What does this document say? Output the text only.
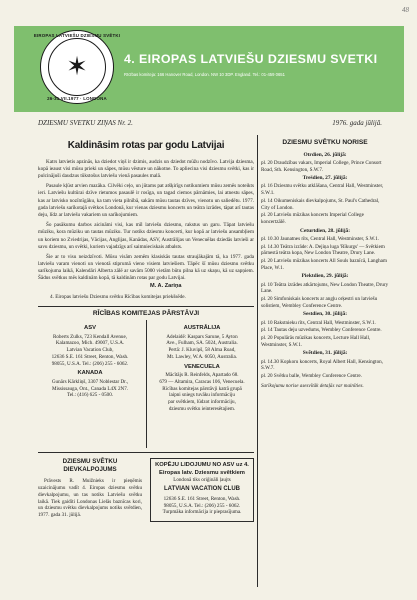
48
EIROPAS LATVIEŠU DZIESMU SVĒTKI
✶
26-31.VII.1977 · LONDONA
4. EIROPAS LATVIEŠU DZIESMU SVETKI
Rīcības komiteja: 166 Hanover Road, London. NW 10 3DP. England. Tel.: 01-459 0651
DZIESMU SVETKU ZIŅAS Nr. 2.	1976. gada jūlijā.
Kaldināsim rotas par godu Latvijai

Katrs latvietis apzinās, ka dziedot viņš ir dzimis, audzis un dziedot mūžu nodzīvo. Latvija dziesma, kopā ieaust visi mūsu prieki un sāpes, mūsu vēsture un nākotne. To apliecina visi dziesmu svētki, kas ir pulcinājuši daudzus tūkstošus latviešu vienā pasaules malā.

Pasaule kļūst arvien mazāka. Cilvēki ceļo, un jūtams pat atšķirīgs notikumiem mūsu zemēs noteikts ieri. Latviešu kultūrai dzīve rietumos pasaulē ir rosīga, un tagad ciemos pārnāmies, lai atnestu sāpes, kas ar latvisko nozīmīgāku, ka tam vieta pilnībā, sakām mūsu tautas dzīves, vienotu un saliedētu. 1977. gada latviešu sarīkotajā svētkos Londonā, kur vienas dziesmu koncerts un teātra izrādes, tāpat arī tautas deju, līdz ar latviešu vakariem un sarīkojumiem.

Šo pasākumu darbos aicināmi visi, kas mīl latviešu dziesmu, rakstus un garu. Tāpat latviešu mūziku, kora mūziku un tautas mūziku. Tur notiks dziesmu koncerti, kur kopā ar latviešu ansambļiem un koriem no Zviedrijas, Vācijas, Anglijas, Kanādas, ASV, Austrālijas un Venecuēlas dziedās latvieši ar savu dziesmu, un svētki, kuriem vajadzīgs arī saimnieciskais atbalsts.

Šie ar to visu neizdzīvoti. Mūsu visām zemēm klasiskās tautas straujākajām tā, ka 1977. gada latviešu varam vienoti un vienotā stiprumā vieno visiem latviešiem. Tāpēc šī mūsu dziesmu svētku sarīkojuma laikā, Kalendāri Alberta zālē ar savām 5000 vietām būtu pilna kā uz skaņu, kā uz sapņiem. Šādus svētkus mēs kaldinām kopā, tā kaldinām rotas par godu Latvijai.

M. A. Zariņa
4. Eiropas latviešu Dziesmu svētku Rīcības komitejas priekšsēde.
DZIESMU SVĒTKU NORISE
Otrdien, 26. jūlijā:
pl. 20 Draudzības vakars, Imperial College, Prince Consort Road, Sth. Kensington, S.W.7.
Trešdien, 27. jūlijā:
pl. 16 Dziesmu svētku atklāšana, Central Hall, Westminster, S.W.1.
pl. 14 Oikumeniskais dievkalpojums, St. Paul's Cathedral, City of London.
pl. 20 Latviešu mūzikas koncerts Imperial College koncertzālē.
Ceturtdien, 28. jūlijā:
pl. 10.30 Jaunatnes rīts, Central Hall, Westminster, S.W.1.
pl. 14.30 Teātra izrāde: A. Dejiņa luga 'Rīkurgs' — Svētkiem pārnestā teātra kopa, New London Theatre, Drury Lane.
pl. 20 Latviešu mūzikas koncerts All Souls baznīcā, Langham Place, W.1.
Piektdien, 29. jūlijā:
pl. 10 Teātra izrādes atkārtojums, New London Theatre, Drury Lane.
pl. 20 Simfoniskais koncerts ar angļu orķestri un latviešu solistiem, Wembley Conference Centre.
Sestdien, 30. jūlijā:
pl. 10 Rakstnieku rīts, Central Hall, Westminster, S.W.1.
pl. 14 Tautas deju uzvedums, Wembley Conference Centre.
pl. 20 Populārās mūzikas koncerts, Lecture Hall Hall, Westminster, S.W.1.
Svētdien, 31. jūlijā:
pl. 14.30 Kopkoru koncerts, Royal Albert Hall, Kensington, S.W.7.
pl. 20 Svētku balle, Wembley Conference Centre.
Sarīkojumu norise asesvītāk detaļās var mainīties.
RĪCĪBAS KOMITEJAS PĀRSTĀVJI
ASV
Roberts Zulks, 723 Kendall Avenue,
Kalamazoo, Mich. 49007, U.S.A.
Latvian Vacation Club,
12636 S.E. 161 Street, Renton, Wash.
98055, U.S.A. Tel.: (206) 255 - 6062.
KANADA
Gunārs Kārkliņš, 3307 Noblestar Dr.,
Mississauga, Ont., Canada L4X 2N7.
Tel.: (416) 625 - 0500.
AUSTRĀLIJA
Adelaidē: Kaspars Sarune, 5 Ayton
Ave., Fulham, SA. 5024, Australia.
Pertā: J. Kluvipš, 58 Alma Road,
Mt. Lawley, W.A. 6050, Australia.
VENECUELA
Mācītājs R. Reinfelds, Apartado 68.
679 — Altamira, Caracas 106, Venecuela.
Rīcības komitejas pārstāvji katrā grupā
laipni sniegs tuvāku informāciju
par svētkiem, lūdzot informāciju,
dziesmu svētku ieinteresētajiem.
DZIESMU SVĒTKU DIEVKALPOJUMS

Prāvests R. Muižnieks ir pieņēmis uzaicinājumu vadīt 4. Eiropas dziesmu svētku dievkalpojumu, un tas notiks Latviešu svētku laikā. Tiek gaidīti Londonas Lielās baznīcas kori, un dziesmu svētku dievkalpojums notiks svētdien, 1977. gada 31. jūlijā.

KOPĒJU LIDOJUMU NO ASV uz 4. Eiropas latv. Dziesmu svētkiem
Londonā tiks oriģināli ļaujts
LATVIAN VACATION CLUB
12636 S.E. 161 Street, Renton, Wash.
98055, U.S.A. Tel.: (206) 255 - 6062.
Turpmāka informācija ir pieprasījuma.
